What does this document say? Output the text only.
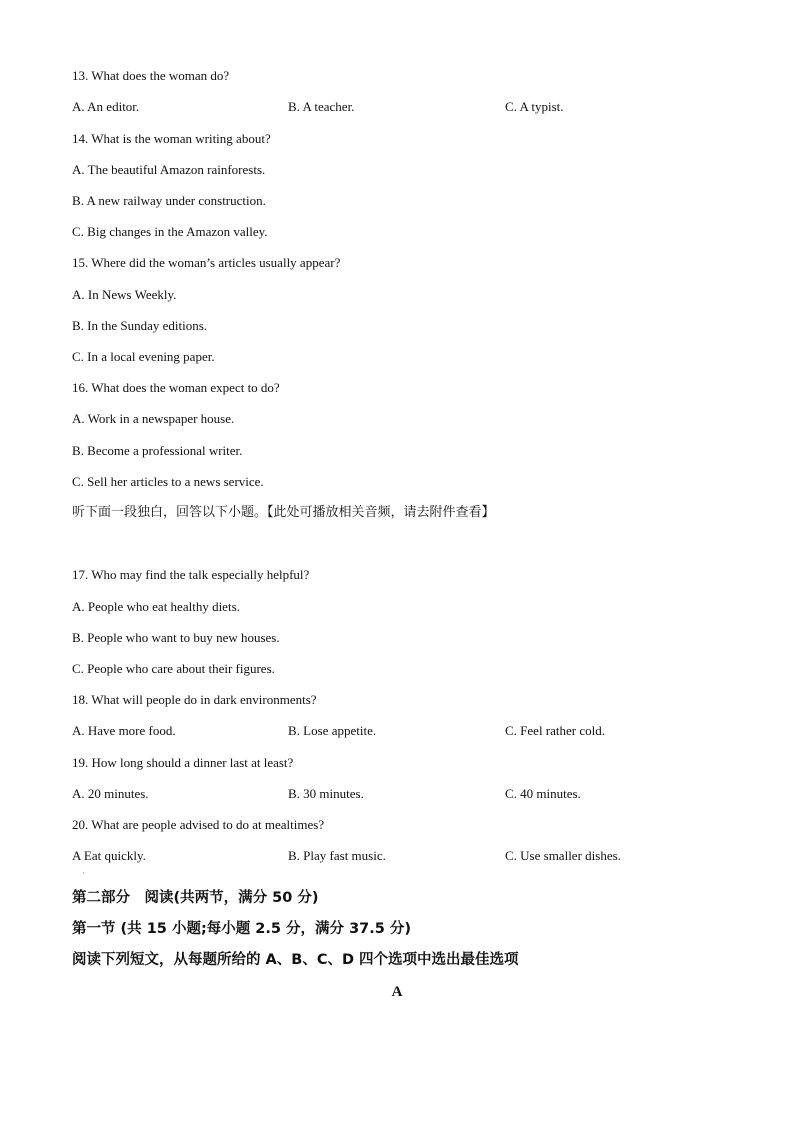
13. What does the woman do?
A. An editor.	B. A teacher.	C. A typist.
14. What is the woman writing about?
A. The beautiful Amazon rainforests.
B. A new railway under construction.
C. Big changes in the Amazon valley.
15. Where did the woman’s articles usually appear?
A. In News Weekly.
B. In the Sunday editions.
C. In a local evening paper.
16. What does the woman expect to do?
A. Work in a newspaper house.
B. Become a professional writer.
C. Sell her articles to a news service.
听下面一段独白，回答以下小题。【此处可播放相关音频，请去附件查看】
17. Who may find the talk especially helpful?
A. People who eat healthy diets.
B. People who want to buy new houses.
C. People who care about their figures.
18. What will people do in dark environments?
A. Have more food.	B. Lose appetite.	C. Feel rather cold.
19. How long should a dinner last at least?
A. 20 minutes.	B. 30 minutes.	C. 40 minutes.
20. What are people advised to do at mealtimes?
A Eat quickly.	B. Play fast music.	C. Use smaller dishes.
·
第二部分　阅读(共两节，满分 50 分)
第一节 (共 15 小题;每小题 2.5 分，满分 37.5 分)
阅读下列短文，从每题所给的 A、B、C、D 四个选项中选出最佳选项
A
